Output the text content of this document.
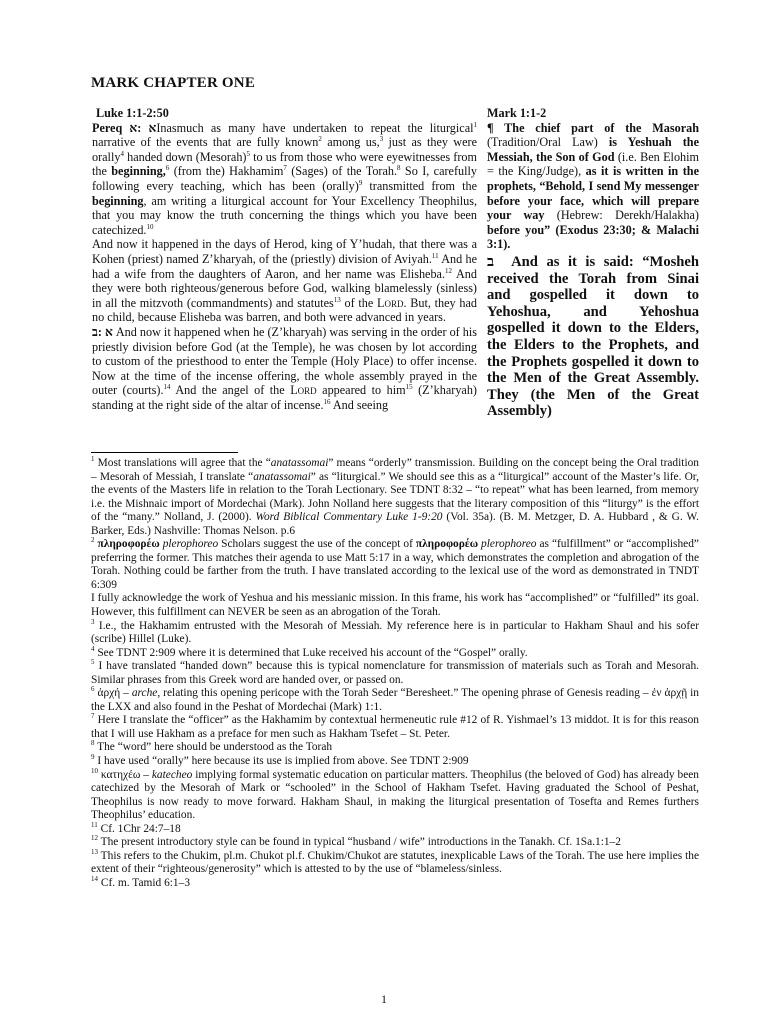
MARK CHAPTER ONE
Luke 1:1-2:50

Pereq א :אInasmuch as many have undertaken to repeat the liturgical$^1$ narrative of the events that are fully known$^2$ among us,$^3$ just as they were orally$^4$ handed down (Mesorah)$^5$ to us from those who were eyewitnesses from the beginning,$^6$ (from the) Hakhamim$^7$ (Sages) of the Torah.$^8$ So I, carefully following every teaching, which has been (orally)$^9$ transmitted from the beginning, am writing a liturgical account for Your Excellency Theophilus, that you may know the truth concerning the things which you have been catechized.$^{10}$

And now it happened in the days of Herod, king of Y’hudah, that there was a Kohen (priest) named Z’kharyah, of the (priestly) division of Aviyah.$^{11}$ And he had a wife from the daughters of Aaron, and her name was Elisheba.$^{12}$ And they were both righteous/generous before God, walking blamelessly (sinless) in all the mitzvoth (commandments) and statutes$^{13}$ of the Lord. But, they had no child, because Elisheba was barren, and both were advanced in years.

א :ב And now it happened when he (Z’kharyah) was serving in the order of his priestly division before God (at the Temple), he was chosen by lot according to custom of the priesthood to enter the Temple (Holy Place) to offer incense. Now at the time of the incense offering, the whole assembly prayed in the outer (courts).$^{14}$ And the angel of the Lord appeared to him$^{15}$ (Z’kharyah) standing at the right side of the altar of incense.$^{16}$ And seeing

Mark 1:1-2

¶ The chief part of the Masorah (Tradition/Oral Law) is Yeshuah the Messiah, the Son of God (i.e. Ben Elohim = the King/Judge), as it is written in the prophets, “Behold, I send My messenger before your face, which will prepare your way (Hebrew: Derekh/Halakha) before you” (Exodus 23:30; & Malachi 3:1).

ב And as it is said: “Mosheh received the Torah from Sinai and gospelled it down to Yehoshua, and Yehoshua gospelled it down to the Elders, the Elders to the Prophets, and the Prophets gospelled it down to the Men of the Great Assembly. They (the Men of the Great Assembly)

$^1$ Most translations will agree that the “anatassomai” means “orderly” transmission. Building on the concept being the Oral tradition – Mesorah of Messiah, I translate “anatassomai” as “liturgical.” We should see this as a “liturgical” account of the Master’s life. Or, the events of the Masters life in relation to the Torah Lectionary. See TDNT 8:32 – “to repeat” what has been learned, from memory i.e. the Mishnaic import of Mordechai (Mark). John Nolland here suggests that the literary composition of this “liturgy” is the effort of the “many.” Nolland, J. (2000). Word Biblical Commentary Luke 1-9:20 (Vol. 35a). (B. M. Metzger, D. A. Hubbard , & G. W. Barker, Eds.) Nashville: Thomas Nelson. p.6

$^2$ πληροφορέω plerophoreo Scholars suggest the use of the concept of πληροφορέω plerophoreo as “fulfillment” or “accomplished” preferring the former. This matches their agenda to use Matt 5:17 in a way, which demonstrates the completion and abrogation of the Torah. Nothing could be farther from the truth. I have translated according to the lexical use of the word as demonstrated in TNDT 6:309

I fully acknowledge the work of Yeshua and his messianic mission. In this frame, his work has “accomplished” or “fulfilled” its goal. However, this fulfillment can NEVER be seen as an abrogation of the Torah.

$^3$ I.e., the Hakhamim entrusted with the Mesorah of Messiah. My reference here is in particular to Hakham Shaul and his sofer (scribe) Hillel (Luke).

$^4$ See TDNT 2:909 where it is determined that Luke received his account of the “Gospel” orally.

$^5$ I have translated “handed down” because this is typical nomenclature for transmission of materials such as Torah and Mesorah. Similar phrases from this Greek word are handed over, or passed on.

$^6$ ἀρχή – arche, relating this opening pericope with the Torah Seder “Beresheet.” The opening phrase of Genesis reading – ἐν ἀρχῇ in the LXX and also found in the Peshat of Mordechai (Mark) 1:1.

$^7$ Here I translate the “officer” as the Hakhamim by contextual hermeneutic rule #12 of R. Yishmael’s 13 middot. It is for this reason that I will use Hakham as a preface for men such as Hakham Tsefet – St. Peter.

$^8$ The “word” here should be understood as the Torah

$^9$ I have used “orally” here because its use is implied from above. See TDNT 2:909

$^{10}$ κατηχέω – katecheo implying formal systematic education on particular matters. Theophilus (the beloved of God) has already been catechized by the Mesorah of Mark or “schooled” in the School of Hakham Tsefet. Having graduated the School of Peshat, Theophilus is now ready to move forward. Hakham Shaul, in making the liturgical presentation of Tosefta and Remes furthers Theophilus’ education.

$^{11}$ Cf. 1Chr 24:7–18

$^{12}$ The present introductory style can be found in typical “husband / wife” introductions in the Tanakh. Cf. 1Sa.1:1–2

$^{13}$ This refers to the Chukim, pl.m. Chukot pl.f. Chukim/Chukot are statutes, inexplicable Laws of the Torah. The use here implies the extent of their “righteous/generosity” which is attested to by the use of “blameless/sinless.

$^{14}$ Cf. m. Tamid 6:1–3

1
